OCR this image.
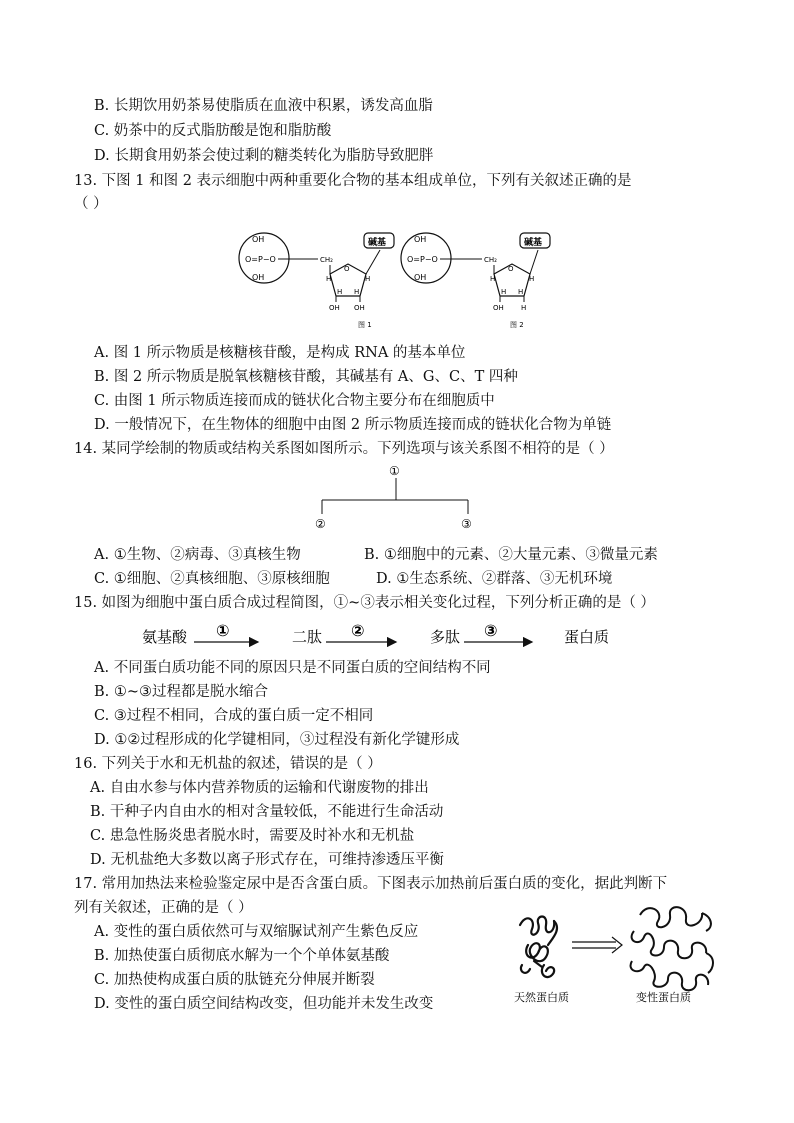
B. 长期饮用奶茶易使脂质在血液中积累，诱发高血脂
C. 奶茶中的反式脂肪酸是饱和脂肪酸
D. 长期食用奶茶会使过剩的糖类转化为脂肪导致肥胖
13. 下图 1 和图 2 表示细胞中两种重要化合物的基本组成单位，下列有关叙述正确的是
（ ）
OH
O=P−O
OH
CH₂
O
H	H
H H
OH OH
碱基
图 1
OH
O=P−O
OH
CH₂
O
H	H
H H
OH H
碱基
图 2
A. 图 1 所示物质是核糖核苷酸，是构成 RNA 的基本单位
B. 图 2 所示物质是脱氧核糖核苷酸，其碱基有 A、G、C、T 四种
C. 由图 1 所示物质连接而成的链状化合物主要分布在细胞质中
D. 一般情况下，在生物体的细胞中由图 2 所示物质连接而成的链状化合物为单链
14. 某同学绘制的物质或结构关系图如图所示。下列选项与该关系图不相符的是（ ）
①
②	③
A. ①生物、②病毒、③真核生物	B. ①细胞中的元素、②大量元素、③微量元素
C. ①细胞、②真核细胞、③原核细胞	D. ①生态系统、②群落、③无机环境
15. 如图为细胞中蛋白质合成过程简图，①~③表示相关变化过程，下列分析正确的是（ ）
氨基酸 ①	二肽 ②	多肽 ③	蛋白质
A. 不同蛋白质功能不同的原因只是不同蛋白质的空间结构不同
B. ①~③过程都是脱水缩合
C. ③过程不相同，合成的蛋白质一定不相同
D. ①②过程形成的化学键相同，③过程没有新化学键形成
16. 下列关于水和无机盐的叙述，错误的是（ ）
A. 自由水参与体内营养物质的运输和代谢废物的排出
B. 干种子内自由水的相对含量较低，不能进行生命活动
C. 患急性肠炎患者脱水时，需要及时补水和无机盐
D. 无机盐绝大多数以离子形式存在，可维持渗透压平衡
17. 常用加热法来检验鉴定尿中是否含蛋白质。下图表示加热前后蛋白质的变化，据此判断下
列有关叙述，正确的是（ ）
A. 变性的蛋白质依然可与双缩脲试剂产生紫色反应
B. 加热使蛋白质彻底水解为一个个单体氨基酸
C. 加热使构成蛋白质的肽链充分伸展并断裂
D. 变性的蛋白质空间结构改变，但功能并未发生改变	天然蛋白质	变性蛋白质
